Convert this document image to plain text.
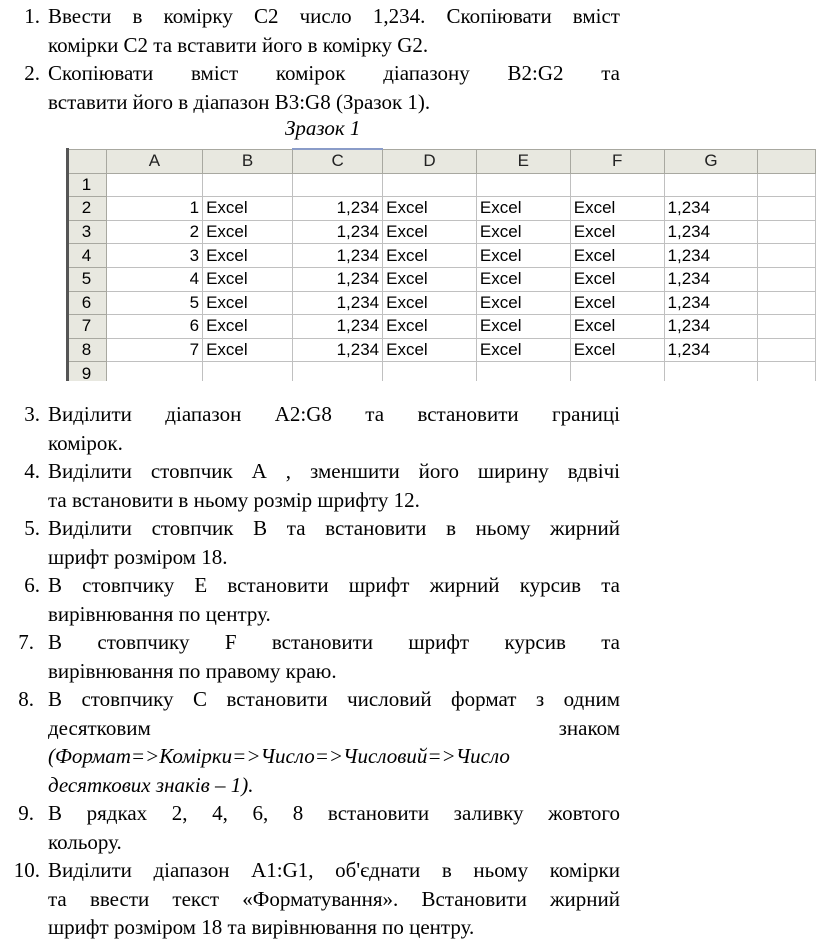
1. Ввести в комірку С2 число 1,234. Скопіювати вміст
комірки С2 та вставити його в комірку G2.
2. Скопіювати вміст комірок діапазону В2:G2 та
вставити його в діапазон В3:G8 (Зразок 1).
Зразок 1
	A	B	C	D	E	F	G	
1								
2	1	Excel	1,234	Excel	Excel	Excel	1,234	
3	2	Excel	1,234	Excel	Excel	Excel	1,234	
4	3	Excel	1,234	Excel	Excel	Excel	1,234	
5	4	Excel	1,234	Excel	Excel	Excel	1,234	
6	5	Excel	1,234	Excel	Excel	Excel	1,234	
7	6	Excel	1,234	Excel	Excel	Excel	1,234	
8	7	Excel	1,234	Excel	Excel	Excel	1,234	
9								
3. Виділити діапазон А2:G8 та встановити границі
комірок.
4. Виділити стовпчик А , зменшити його ширину вдвічі
та встановити в ньому розмір шрифту 12.
5. Виділити стовпчик В та встановити в ньому жирний
шрифт розміром 18.
6. В стовпчику Е встановити шрифт жирний курсив та
вирівнювання по центру.
7. В стовпчику F встановити шрифт курсив та
вирівнювання по правому краю.
8. В стовпчику С встановити числовий формат з одним
десятковим знаком
(Формат=>Комірки=>Число=>Числовий=>Число
десяткових знаків – 1).
9. В рядках 2, 4, 6, 8 встановити заливку жовтого
кольору.
10. Виділити діапазон А1:G1, об'єднати в ньому комірки
та ввести текст «Форматування». Встановити жирний
шрифт розміром 18 та вирівнювання по центру.
